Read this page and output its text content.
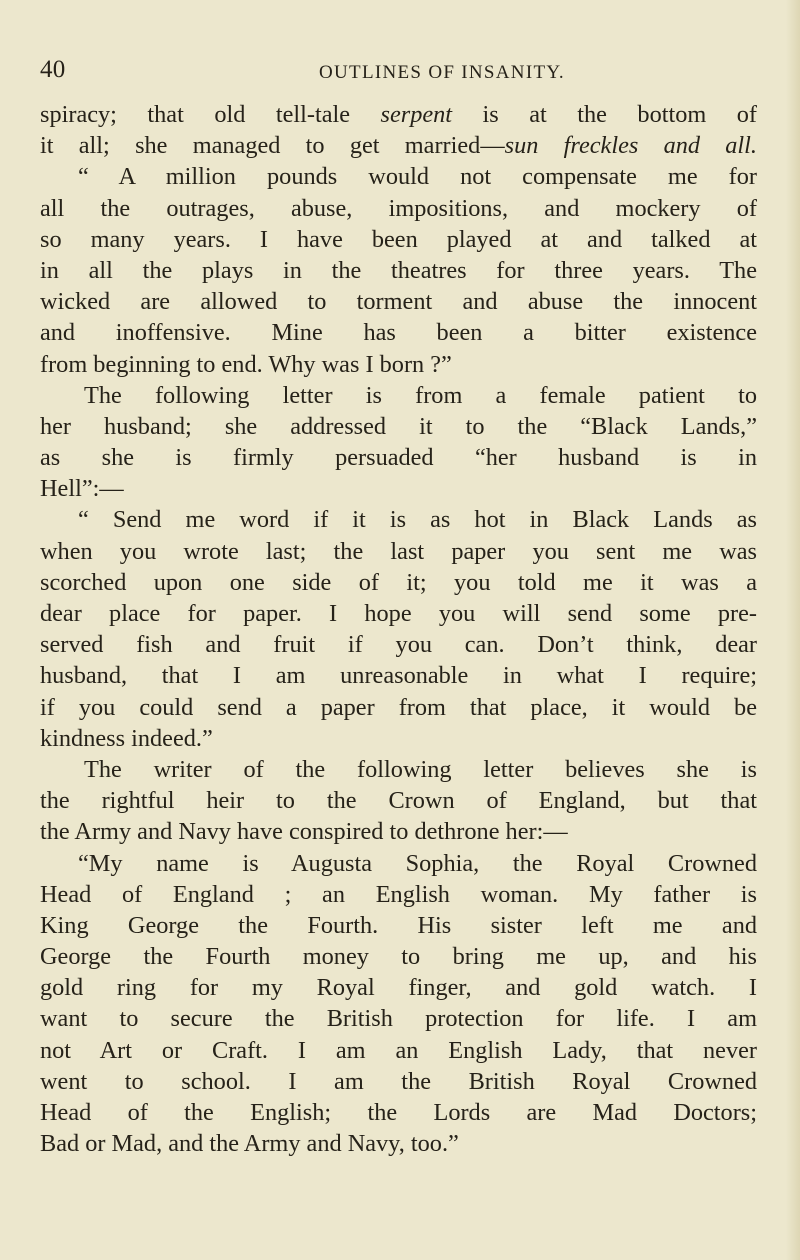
40	OUTLINES OF INSANITY.
spiracy; that old tell-tale serpent is at the bottom of
it all; she managed to get married—sun freckles and all.
“ A million pounds would not compensate me for
all the outrages, abuse, impositions, and mockery of
so many years. I have been played at and talked at
in all the plays in the theatres for three years. The
wicked are allowed to torment and abuse the innocent
and inoffensive. Mine has been a bitter existence
from beginning to end. Why was I born ?”
The following letter is from a female patient to
her husband; she addressed it to the “Black Lands,”
as she is firmly persuaded “her husband is in
Hell”:—
“ Send me word if it is as hot in Black Lands as
when you wrote last; the last paper you sent me was
scorched upon one side of it; you told me it was a
dear place for paper. I hope you will send some pre-
served fish and fruit if you can. Don’t think, dear
husband, that I am unreasonable in what I require;
if you could send a paper from that place, it would be
kindness indeed.”
The writer of the following letter believes she is
the rightful heir to the Crown of England, but that
the Army and Navy have conspired to dethrone her:—
“My name is Augusta Sophia, the Royal Crowned
Head of England ; an English woman. My father is
King George the Fourth. His sister left me and
George the Fourth money to bring me up, and his
gold ring for my Royal finger, and gold watch. I
want to secure the British protection for life. I am
not Art or Craft. I am an English Lady, that never
went to school. I am the British Royal Crowned
Head of the English; the Lords are Mad Doctors;
Bad or Mad, and the Army and Navy, too.”
